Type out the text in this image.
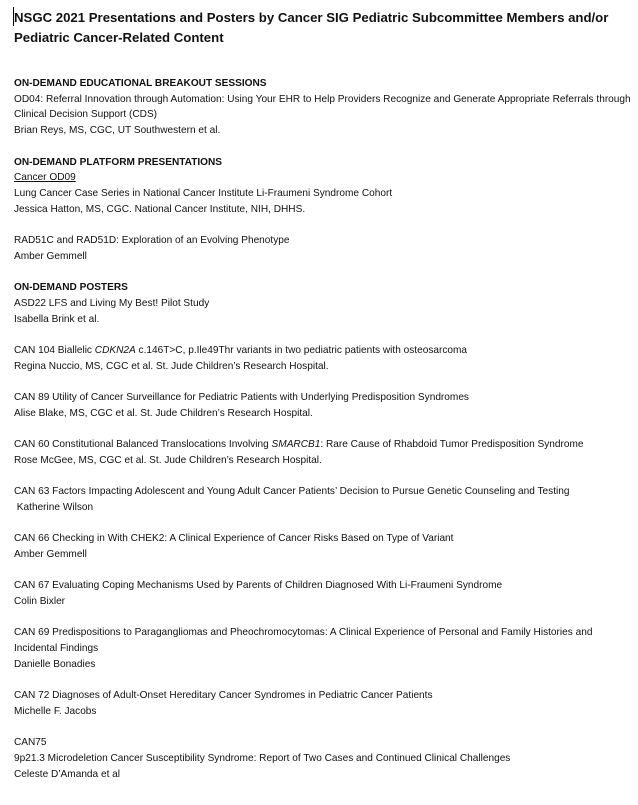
NSGC 2021 Presentations and Posters by Cancer SIG Pediatric Subcommittee Members and/or Pediatric Cancer-Related Content

ON-DEMAND EDUCATIONAL BREAKOUT SESSIONS
OD04: Referral Innovation through Automation: Using Your EHR to Help Providers Recognize and Generate Appropriate Referrals through Clinical Decision Support (CDS)
Brian Reys, MS, CGC, UT Southwestern et al.
ON-DEMAND PLATFORM PRESENTATIONS
Cancer OD09
Lung Cancer Case Series in National Cancer Institute Li-Fraumeni Syndrome Cohort
Jessica Hatton, MS, CGC. National Cancer Institute, NIH, DHHS.
RAD51C and RAD51D: Exploration of an Evolving Phenotype
Amber Gemmell
ON-DEMAND POSTERS
ASD22 LFS and Living My Best! Pilot Study
Isabella Brink et al.
CAN 104 Biallelic CDKN2A c.146T>C, p.Ile49Thr variants in two pediatric patients with osteosarcoma
Regina Nuccio, MS, CGC et al. St. Jude Children’s Research Hospital.
CAN 89 Utility of Cancer Surveillance for Pediatric Patients with Underlying Predisposition Syndromes
Alise Blake, MS, CGC et al. St. Jude Children’s Research Hospital.
CAN 60 Constitutional Balanced Translocations Involving SMARCB1: Rare Cause of Rhabdoid Tumor Predisposition Syndrome
Rose McGee, MS, CGC et al. St. Jude Children’s Research Hospital.
CAN 63 Factors Impacting Adolescent and Young Adult Cancer Patients’ Decision to Pursue Genetic Counseling and Testing
Katherine Wilson
CAN 66 Checking in With CHEK2: A Clinical Experience of Cancer Risks Based on Type of Variant
Amber Gemmell
CAN 67 Evaluating Coping Mechanisms Used by Parents of Children Diagnosed With Li-Fraumeni Syndrome
Colin Bixler
CAN 69 Predispositions to Paragangliomas and Pheochromocytomas: A Clinical Experience of Personal and Family Histories and Incidental Findings
Danielle Bonadies
CAN 72 Diagnoses of Adult-Onset Hereditary Cancer Syndromes in Pediatric Cancer Patients
Michelle F. Jacobs
CAN75
9p21.3 Microdeletion Cancer Susceptibility Syndrome: Report of Two Cases and Continued Clinical Challenges
Celeste D’Amanda et al
